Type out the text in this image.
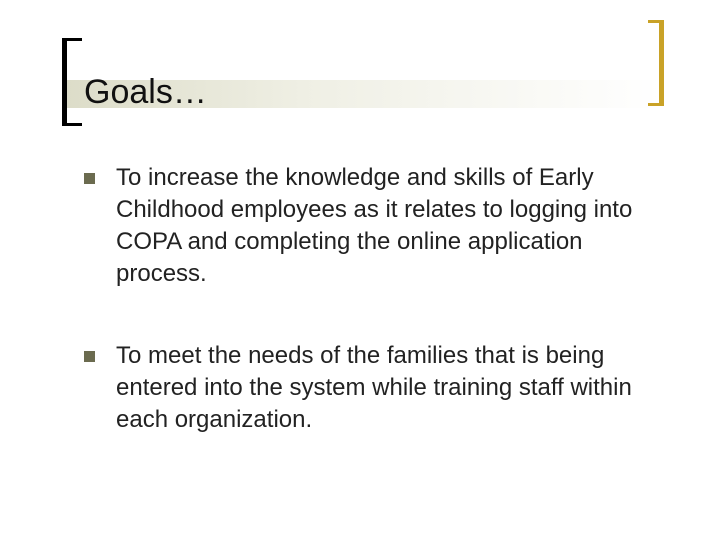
Goals…
To increase the knowledge and skills of Early Childhood employees as it relates to logging into COPA and completing the online application process.
To meet the needs of the families that is being entered into the system while training staff within each organization.
